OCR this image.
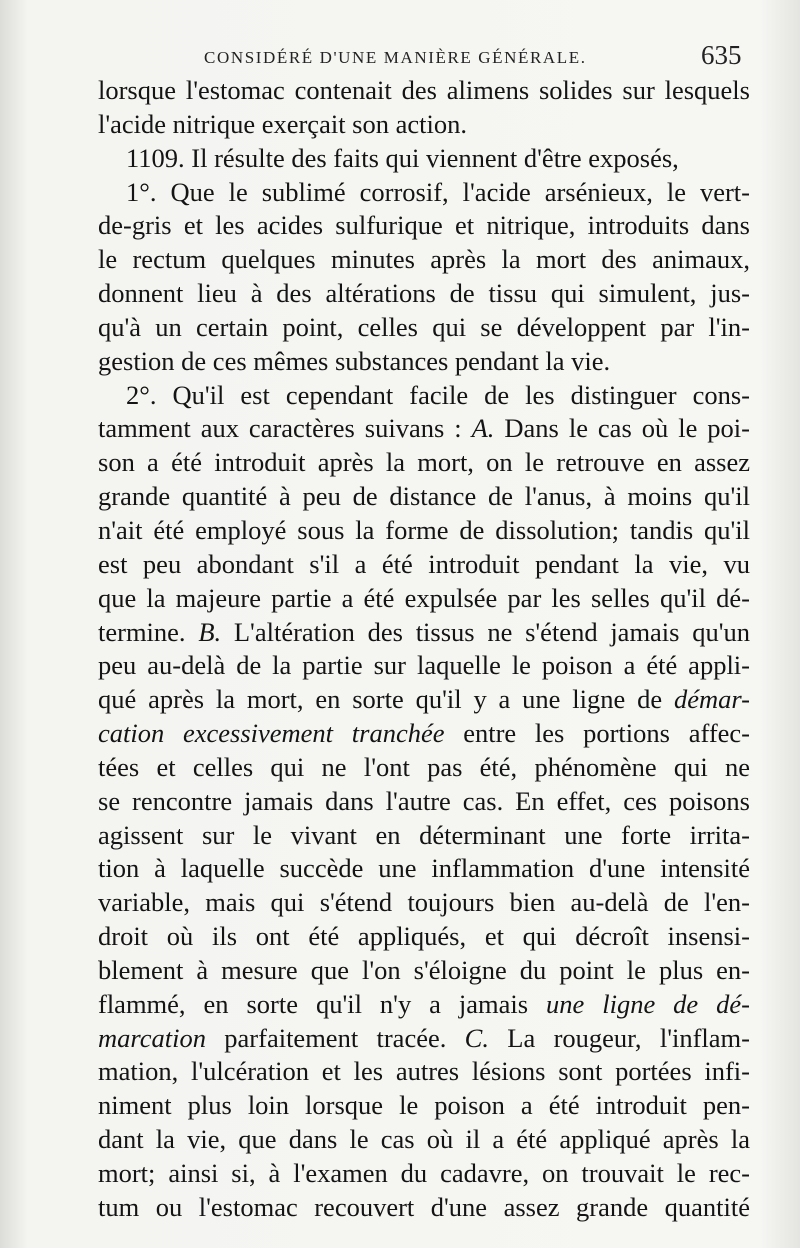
CONSIDÉRÉ D'UNE MANIÈRE GÉNÉRALE.	635
lorsque l'estomac contenait des alimens solides sur lesquels
l'acide nitrique exerçait son action.
1109. Il résulte des faits qui viennent d'être exposés,
1°. Que le sublimé corrosif, l'acide arsénieux, le vert-
de-gris et les acides sulfurique et nitrique, introduits dans
le rectum quelques minutes après la mort des animaux,
donnent lieu à des altérations de tissu qui simulent, jus-
qu'à un certain point, celles qui se développent par l'in-
gestion de ces mêmes substances pendant la vie.
2°. Qu'il est cependant facile de les distinguer cons-
tamment aux caractères suivans : A. Dans le cas où le poi-
son a été introduit après la mort, on le retrouve en assez
grande quantité à peu de distance de l'anus, à moins qu'il
n'ait été employé sous la forme de dissolution; tandis qu'il
est peu abondant s'il a été introduit pendant la vie, vu
que la majeure partie a été expulsée par les selles qu'il dé-
termine. B. L'altération des tissus ne s'étend jamais qu'un
peu au-delà de la partie sur laquelle le poison a été appli-
qué après la mort, en sorte qu'il y a une ligne de démar-
cation excessivement tranchée entre les portions affec-
tées et celles qui ne l'ont pas été, phénomène qui ne
se rencontre jamais dans l'autre cas. En effet, ces poisons
agissent sur le vivant en déterminant une forte irrita-
tion à laquelle succède une inflammation d'une intensité
variable, mais qui s'étend toujours bien au-delà de l'en-
droit où ils ont été appliqués, et qui décroît insensi-
blement à mesure que l'on s'éloigne du point le plus en-
flammé, en sorte qu'il n'y a jamais une ligne de dé-
marcation parfaitement tracée. C. La rougeur, l'inflam-
mation, l'ulcération et les autres lésions sont portées infi-
niment plus loin lorsque le poison a été introduit pen-
dant la vie, que dans le cas où il a été appliqué après la
mort; ainsi si, à l'examen du cadavre, on trouvait le rec-
tum ou l'estomac recouvert d'une assez grande quantité
